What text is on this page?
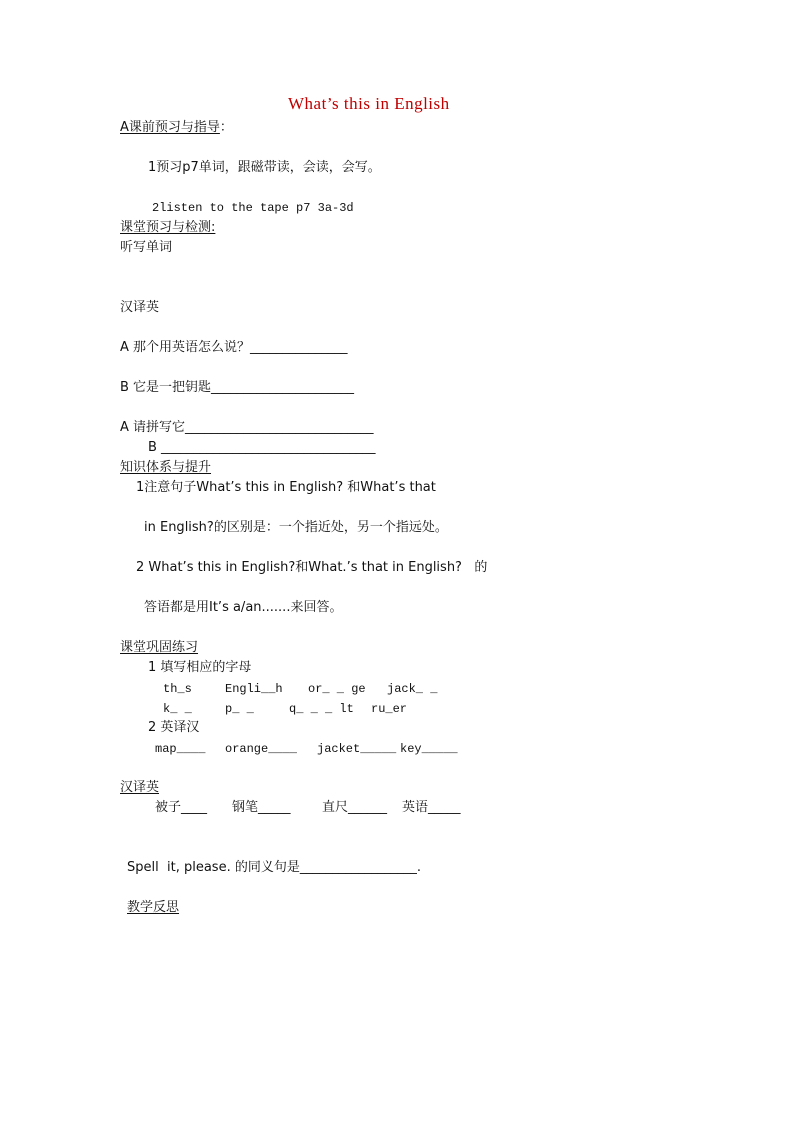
What’s this in English
A课前预习与指导：
1预习p7单词，跟磁带读，会读，会写。
2listen to the tape p7 3a-3d
课堂预习与检测:
听写单词
汉译英
A 那个用英语怎么说？_______________
B 它是一把钥匙______________________
A 请拼写它_____________________________
B _________________________________
知识体系与提升
1注意句子What’s this in English? 和What’s that
in English?的区别是：一个指近处，另一个指远处。
2 What’s this in English?和What.’s that in English?   的
答语都是用It’s a/an.......来回答。
课堂巩固练习
1 填写相应的字母
th_s	Engli__h or_ _ ge jack_ _
k_ _	p_ _	q_ _ _ lt ru_er
2 英译汉
map____ orange____ jacket_____ key_____
汉译英
被子____ 钢笔_____ 直尺______ 英语_____
Spell  it, please. 的同义句是__________________.
教学反思
